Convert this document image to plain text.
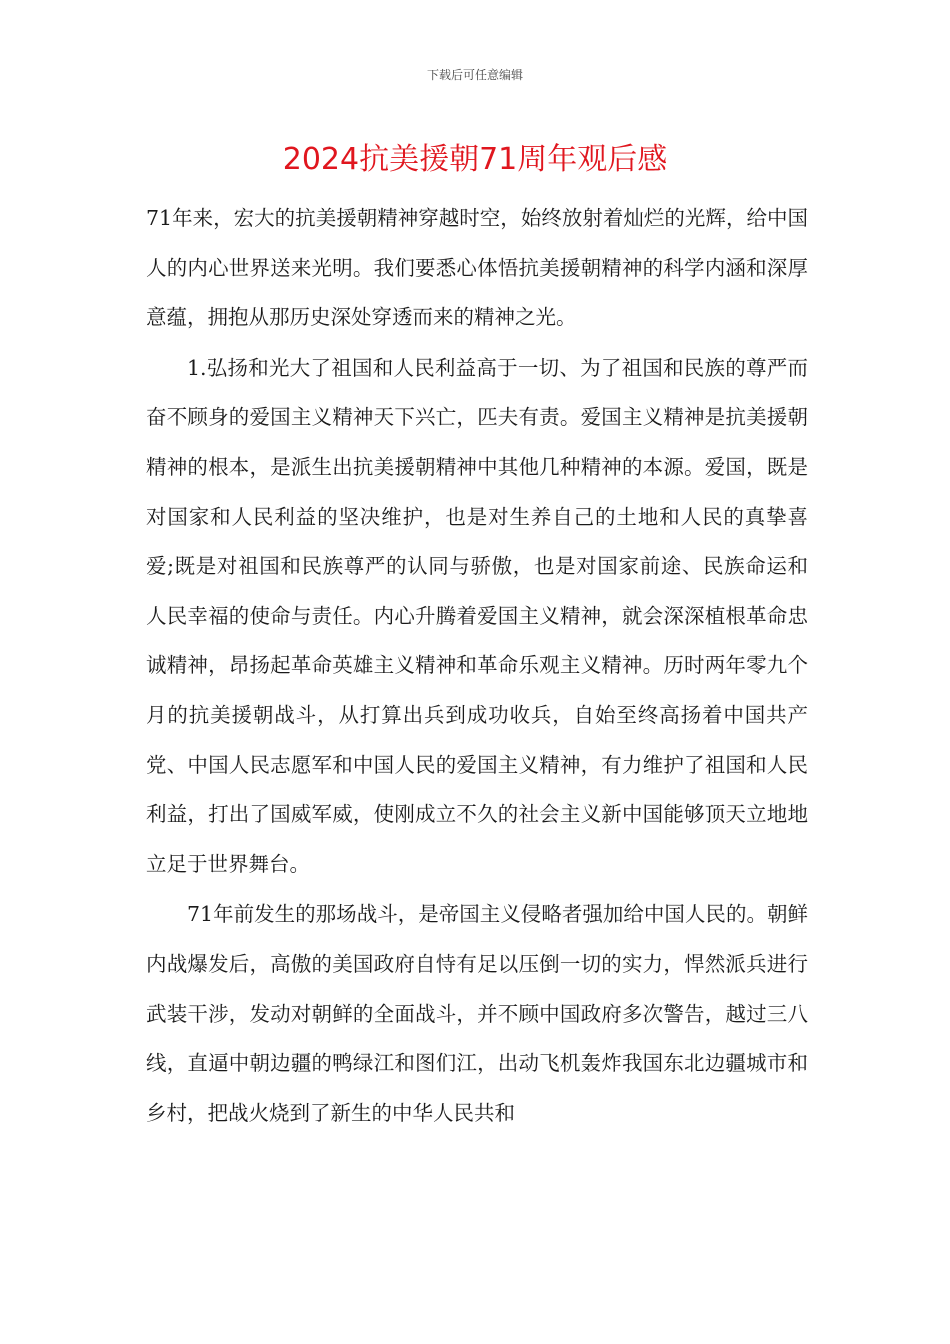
下载后可任意编辑
2024抗美援朝71周年观后感

71年来，宏大的抗美援朝精神穿越时空，始终放射着灿烂的光辉，给中国人的内心世界送来光明。我们要悉心体悟抗美援朝精神的科学内涵和深厚意蕴，拥抱从那历史深处穿透而来的精神之光。

1.弘扬和光大了祖国和人民利益高于一切、为了祖国和民族的尊严而奋不顾身的爱国主义精神天下兴亡，匹夫有责。爱国主义精神是抗美援朝精神的根本，是派生出抗美援朝精神中其他几种精神的本源。爱国，既是对国家和人民利益的坚决维护，也是对生养自己的土地和人民的真挚喜爱;既是对祖国和民族尊严的认同与骄傲，也是对国家前途、民族命运和人民幸福的使命与责任。内心升腾着爱国主义精神，就会深深植根革命忠诚精神，昂扬起革命英雄主义精神和革命乐观主义精神。历时两年零九个月的抗美援朝战斗，从打算出兵到成功收兵，自始至终高扬着中国共产党、中国人民志愿军和中国人民的爱国主义精神，有力维护了祖国和人民利益，打出了国威军威，使刚成立不久的社会主义新中国能够顶天立地地立足于世界舞台。

71年前发生的那场战斗，是帝国主义侵略者强加给中国人民的。朝鲜内战爆发后，高傲的美国政府自恃有足以压倒一切的实力，悍然派兵进行武装干涉，发动对朝鲜的全面战斗，并不顾中国政府多次警告，越过三八线，直逼中朝边疆的鸭绿江和图们江，出动飞机轰炸我国东北边疆城市和乡村，把战火烧到了新生的中华人民共和
